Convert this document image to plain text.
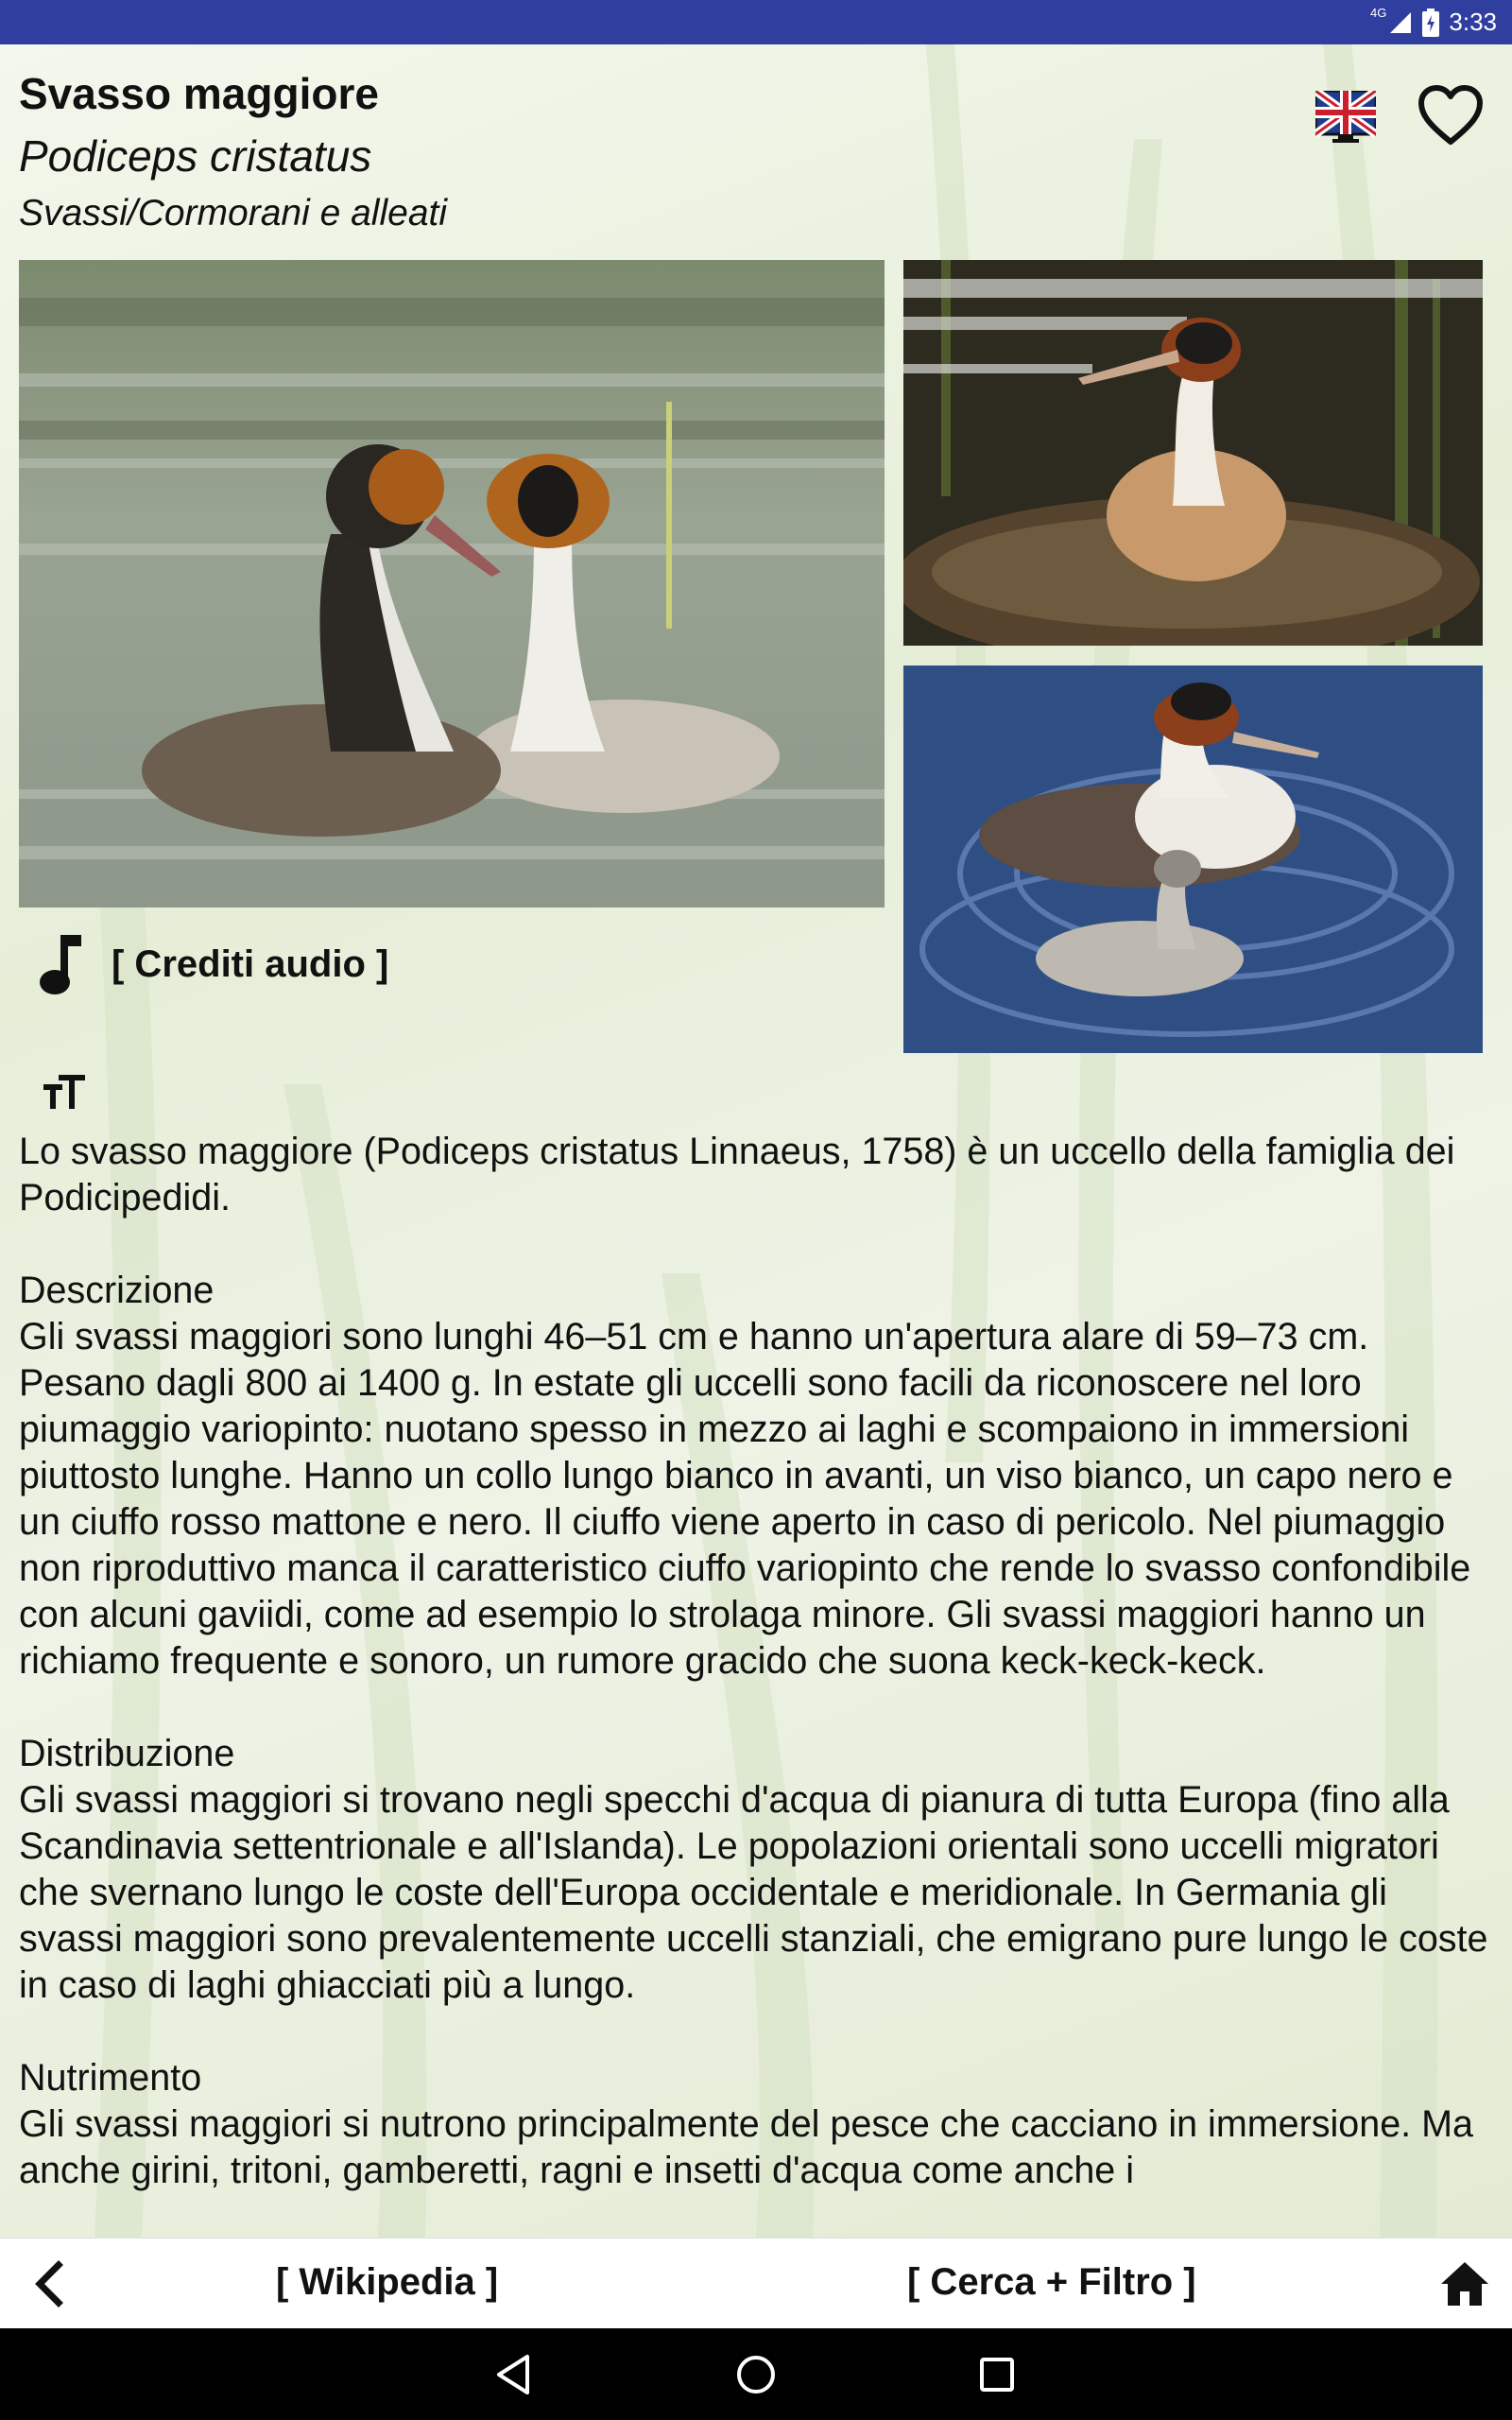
4G	3:33
Svasso maggiore
Podiceps cristatus
Svassi/Cormorani e alleati
[ Crediti audio ]

Lo svasso maggiore (Podiceps cristatus Linnaeus, 1758) è un uccello della famiglia dei Podicipedidi.

Descrizione

Gli svassi maggiori sono lunghi 46–51 cm e hanno un'apertura alare di 59–73 cm. Pesano dagli 800 ai 1400 g. In estate gli uccelli sono facili da riconoscere nel loro piumaggio variopinto: nuotano spesso in mezzo ai laghi e scompaiono in immersioni piuttosto lunghe. Hanno un collo lungo bianco in avanti, un viso bianco, un capo nero e un ciuffo rosso mattone e nero. Il ciuffo viene aperto in caso di pericolo. Nel piumaggio non riproduttivo manca il caratteristico ciuffo variopinto che rende lo svasso confondibile con alcuni gaviidi, come ad esempio lo strolaga minore. Gli svassi maggiori hanno un richiamo frequente e sonoro, un rumore gracido che suona keck-keck-keck.

Distribuzione

Gli svassi maggiori si trovano negli specchi d'acqua di pianura di tutta Europa (fino alla Scandinavia settentrionale e all'Islanda). Le popolazioni orientali sono uccelli migratori che svernano lungo le coste dell'Europa occidentale e meridionale. In Germania gli svassi maggiori sono prevalentemente uccelli stanziali, che emigrano pure lungo le coste in caso di laghi ghiacciati più a lungo.

Nutrimento

Gli svassi maggiori si nutrono principalmente del pesce che cacciano in immersione. Ma anche girini, tritoni, gamberetti, ragni e insetti d'acqua come anche i

[ Wikipedia ]	[ Cerca + Filtro ]
